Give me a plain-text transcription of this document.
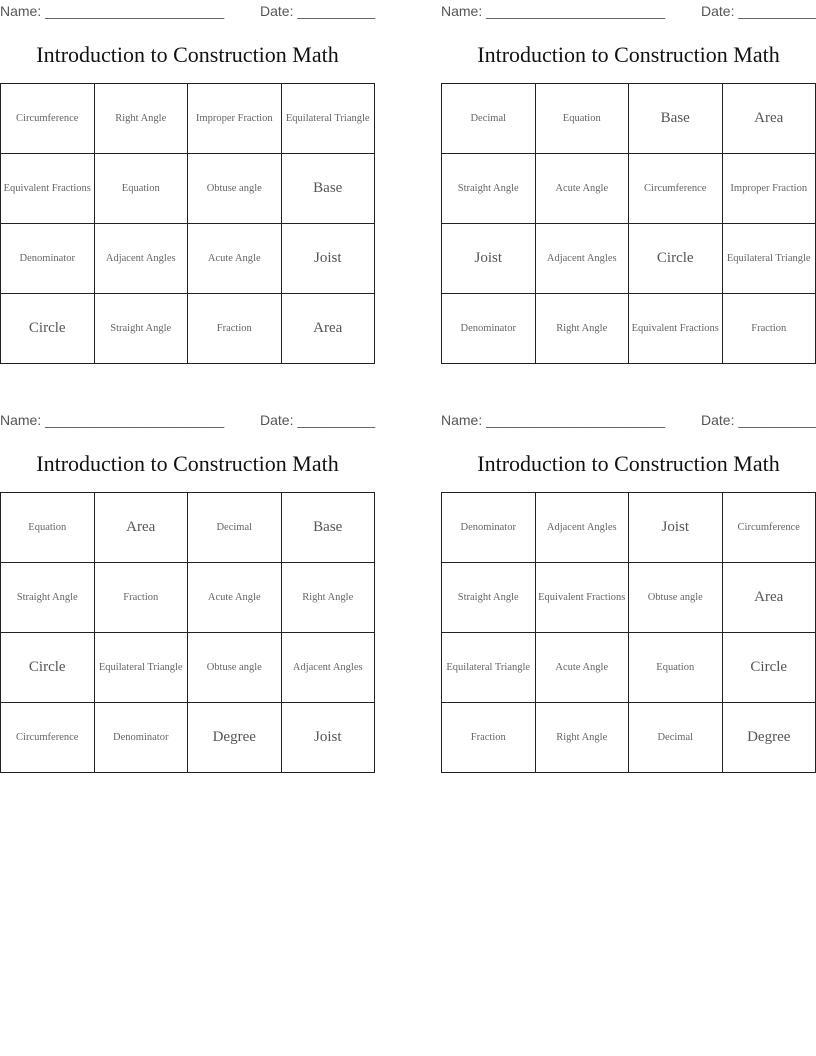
Name: _______________________	Date: __________
Introduction to Construction Math
Circumference	Right Angle	Improper Fraction	Equilateral Triangle
Equivalent Fractions	Equation	Obtuse angle	Base
Denominator	Adjacent Angles	Acute Angle	Joist
Circle	Straight Angle	Fraction	Area
Name: _______________________	Date: __________
Introduction to Construction Math
Decimal	Equation	Base	Area
Straight Angle	Acute Angle	Circumference	Improper Fraction
Joist	Adjacent Angles	Circle	Equilateral Triangle
Denominator	Right Angle	Equivalent Fractions	Fraction
Name: _______________________	Date: __________
Introduction to Construction Math
Equation	Area	Decimal	Base
Straight Angle	Fraction	Acute Angle	Right Angle
Circle	Equilateral Triangle	Obtuse angle	Adjacent Angles
Circumference	Denominator	Degree	Joist
Name: _______________________	Date: __________
Introduction to Construction Math
Denominator	Adjacent Angles	Joist	Circumference
Straight Angle	Equivalent Fractions	Obtuse angle	Area
Equilateral Triangle	Acute Angle	Equation	Circle
Fraction	Right Angle	Decimal	Degree
